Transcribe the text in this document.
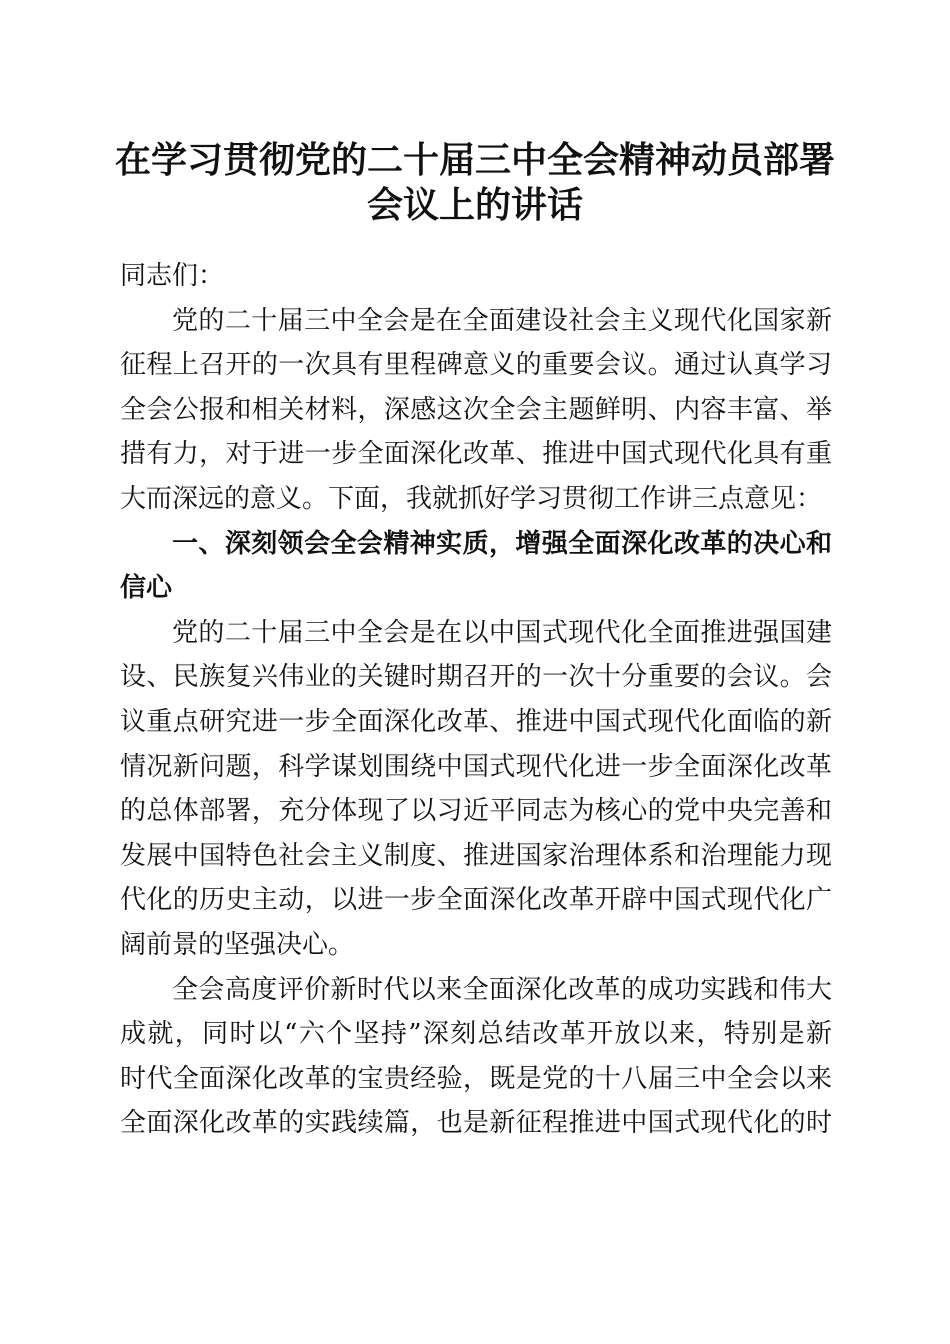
在学习贯彻党的二十届三中全会精神动员部署
会议上的讲话
同志们：
党的二十届三中全会是在全面建设社会主义现代化国家新
征程上召开的一次具有里程碑意义的重要会议。通过认真学习
全会公报和相关材料，深感这次全会主题鲜明、内容丰富、举
措有力，对于进一步全面深化改革、推进中国式现代化具有重
大而深远的意义。下面，我就抓好学习贯彻工作讲三点意见：
一、深刻领会全会精神实质，增强全面深化改革的决心和
信心
党的二十届三中全会是在以中国式现代化全面推进强国建
设、民族复兴伟业的关键时期召开的一次十分重要的会议。会
议重点研究进一步全面深化改革、推进中国式现代化面临的新
情况新问题，科学谋划围绕中国式现代化进一步全面深化改革
的总体部署，充分体现了以习近平同志为核心的党中央完善和
发展中国特色社会主义制度、推进国家治理体系和治理能力现
代化的历史主动，以进一步全面深化改革开辟中国式现代化广
阔前景的坚强决心。
全会高度评价新时代以来全面深化改革的成功实践和伟大
成就，同时以“六个坚持”深刻总结改革开放以来，特别是新
时代全面深化改革的宝贵经验，既是党的十八届三中全会以来
全面深化改革的实践续篇，也是新征程推进中国式现代化的时
